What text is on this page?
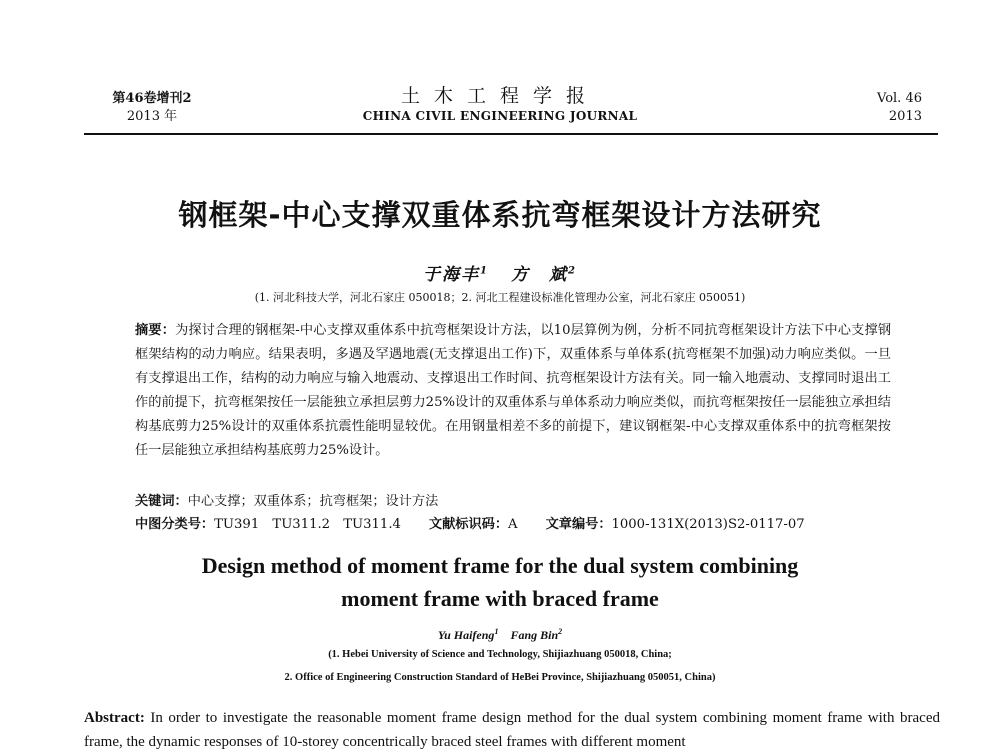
第46卷增刊2
2013 年
土木工程学报
CHINA CIVIL ENGINEERING JOURNAL
Vol. 46
2013
钢框架-中心支撑双重体系抗弯框架设计方法研究
于海丰$^1$ 方　斌$^2$
(1. 河北科技大学，河北石家庄 050018；2. 河北工程建设标准化管理办公室，河北石家庄 050051)
摘要：为探讨合理的钢框架-中心支撑双重体系中抗弯框架设计方法，以10层算例为例，分析不同抗弯框架设计方法下中心支撑钢框架结构的动力响应。结果表明，多遇及罕遇地震(无支撑退出工作)下，双重体系与单体系(抗弯框架不加强)动力响应类似。一旦有支撑退出工作，结构的动力响应与输入地震动、支撑退出工作时间、抗弯框架设计方法有关。同一输入地震动、支撑同时退出工作的前提下，抗弯框架按任一层能独立承担层剪力25%设计的双重体系与单体系动力响应类似，而抗弯框架按任一层能独立承担结构基底剪力25%设计的双重体系抗震性能明显较优。在用钢量相差不多的前提下，建议钢框架-中心支撑双重体系中的抗弯框架按任一层能独立承担结构基底剪力25%设计。
关键词：中心支撑；双重体系；抗弯框架；设计方法
中图分类号：TU391　TU311.2　TU311.4 文献标识码：A 文章编号：1000-131X(2013)S2-0117-07
Design method of moment frame for the dual system combining
moment frame with braced frame
Yu Haifeng$^1$ Fang Bin$^2$
(1. Hebei University of Science and Technology, Shijiazhuang 050018, China;
2. Office of Engineering Construction Standard of HeBei Province, Shijiazhuang 050051, China)
Abstract: In order to investigate the reasonable moment frame design method for the dual system combining moment frame with braced frame, the dynamic responses of 10-storey concentrically braced steel frames with different moment
